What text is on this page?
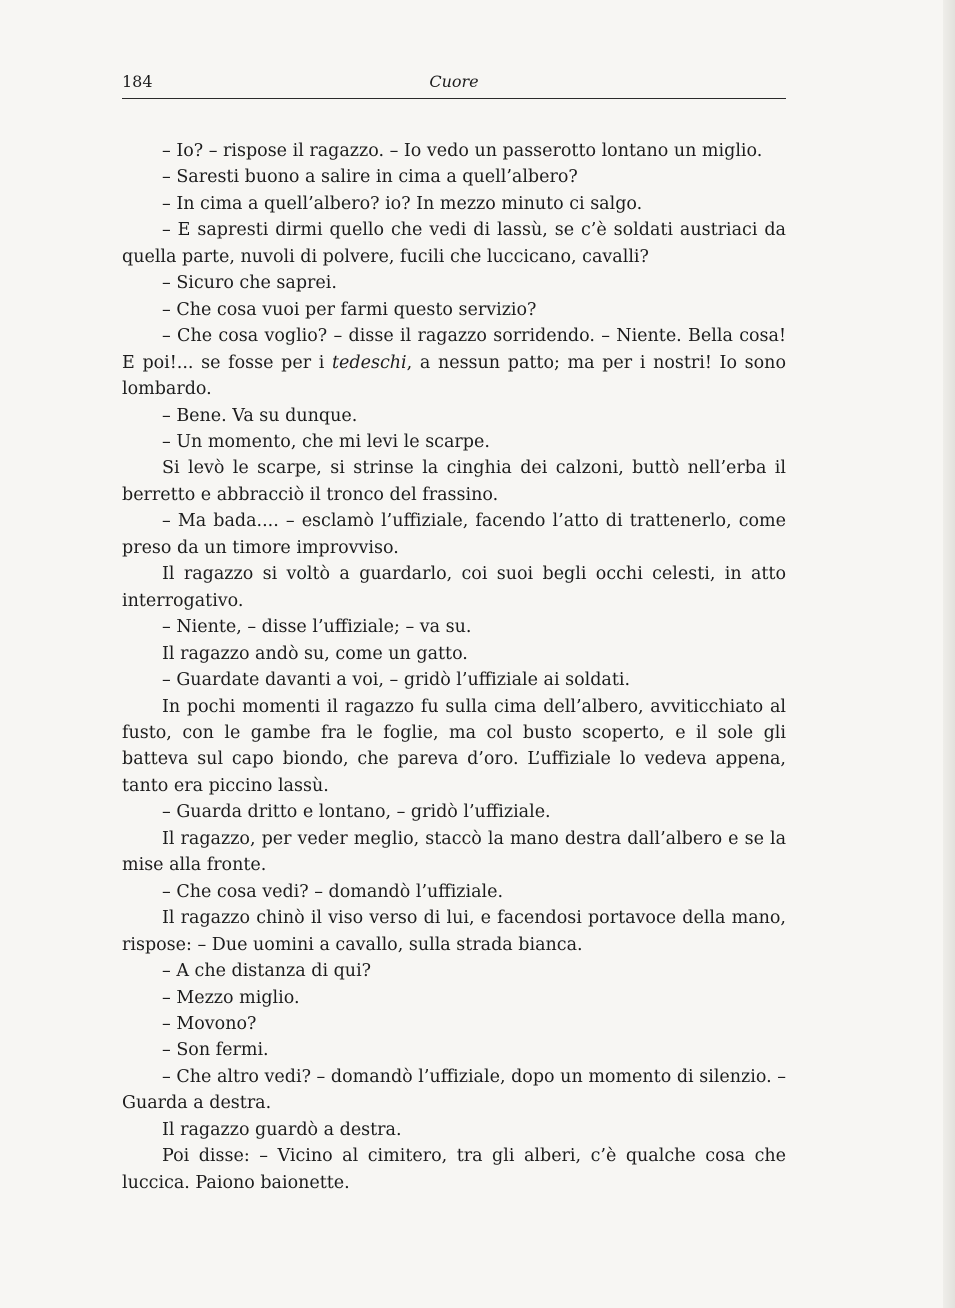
184	Cuore

– Io? – rispose il ragazzo. – Io vedo un passerotto lontano un miglio.

– Saresti buono a salire in cima a quell’albero?

– In cima a quell’albero? io? In mezzo minuto ci salgo.

– E sapresti dirmi quello che vedi di lassù, se c’è soldati austriaci da quella parte, nuvoli di polvere, fucili che luccicano, cavalli?

– Sicuro che saprei.

– Che cosa vuoi per farmi questo servizio?

– Che cosa voglio? – disse il ragazzo sorridendo. – Niente. Bella cosa! E poi!... se fosse per i tedeschi, a nessun patto; ma per i nostri! Io sono lombardo.

– Bene. Va su dunque.

– Un momento, che mi levi le scarpe.

Si levò le scarpe, si strinse la cinghia dei calzoni, buttò nell’erba il berretto e abbracciò il tronco del frassino.

– Ma bada.... – esclamò l’uffiziale, facendo l’atto di trattenerlo, come preso da un timore improvviso.

Il ragazzo si voltò a guardarlo, coi suoi begli occhi celesti, in atto interrogativo.

– Niente, – disse l’uffiziale; – va su.

Il ragazzo andò su, come un gatto.

– Guardate davanti a voi, – gridò l’uffiziale ai soldati.

In pochi momenti il ragazzo fu sulla cima dell’albero, avviticchiato al fusto, con le gambe fra le foglie, ma col busto scoperto, e il sole gli batteva sul capo biondo, che pareva d’oro. L’uffiziale lo vedeva appena, tanto era piccino lassù.

– Guarda dritto e lontano, – gridò l’uffiziale.

Il ragazzo, per veder meglio, staccò la mano destra dall’albero e se la mise alla fronte.

– Che cosa vedi? – domandò l’uffiziale.

Il ragazzo chinò il viso verso di lui, e facendosi portavoce della mano, rispose: – Due uomini a cavallo, sulla strada bianca.

– A che distanza di qui?

– Mezzo miglio.

– Movono?

– Son fermi.

– Che altro vedi? – domandò l’uffiziale, dopo un momento di silenzio. – Guarda a destra.

Il ragazzo guardò a destra.

Poi disse: – Vicino al cimitero, tra gli alberi, c’è qualche cosa che luccica. Paiono baionette.
